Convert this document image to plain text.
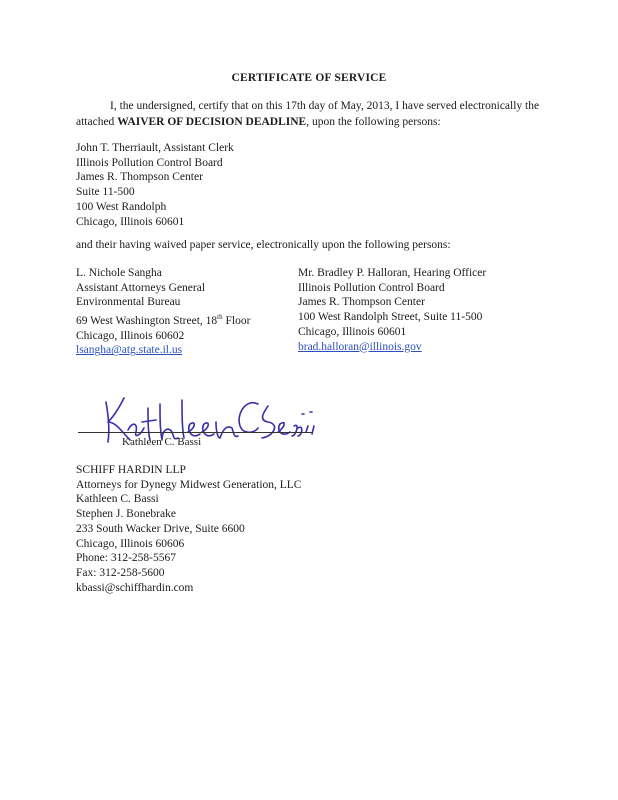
CERTIFICATE OF SERVICE
I, the undersigned, certify that on this 17th day of May, 2013, I have served electronically the attached WAIVER OF DECISION DEADLINE, upon the following persons:
John T. Therriault, Assistant Clerk
Illinois Pollution Control Board
James R. Thompson Center
Suite 11-500
100 West Randolph
Chicago, Illinois 60601
and their having waived paper service, electronically upon the following persons:
L. Nichole Sangha
Assistant Attorneys General
Environmental Bureau
69 West Washington Street, 18th Floor
Chicago, Illinois 60602
lsangha@atg.state.il.us
Mr. Bradley P. Halloran, Hearing Officer
Illinois Pollution Control Board
James R. Thompson Center
100 West Randolph Street, Suite 11-500
Chicago, Illinois 60601
brad.halloran@illinois.gov
Kathleen C. Bassi
SCHIFF HARDIN LLP
Attorneys for Dynegy Midwest Generation, LLC
Kathleen C. Bassi
Stephen J. Bonebrake
233 South Wacker Drive, Suite 6600
Chicago, Illinois 60606
Phone: 312-258-5567
Fax: 312-258-5600
kbassi@schiffhardin.com
